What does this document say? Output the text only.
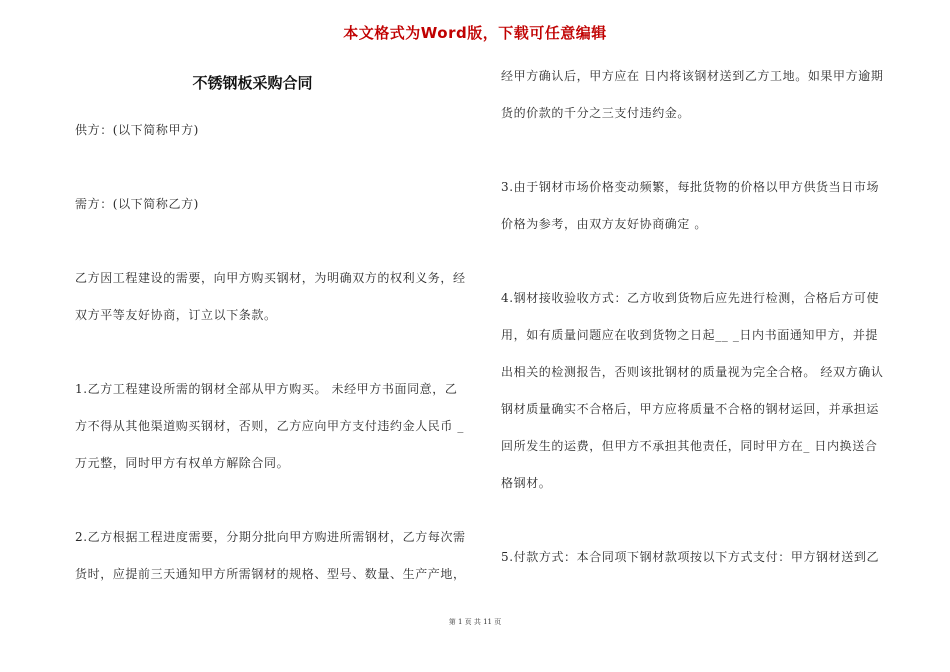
本文格式为Word版，下载可任意编辑
不锈钢板采购合同

供方：(以下简称甲方)

需方：(以下简称乙方)

乙方因工程建设的需要，向甲方购买钢材，为明确双方的权利义务，经

双方平等友好协商，订立以下条款。

1.乙方工程建设所需的钢材全部从甲方购买。 未经甲方书面同意，乙

方不得从其他渠道购买钢材，否则，乙方应向甲方支付违约金人民币 _

万元整，同时甲方有权单方解除合同。

2.乙方根据工程进度需要，分期分批向甲方购进所需钢材，乙方每次需

货时，应提前三天通知甲方所需钢材的规格、型号、数量、生产产地，

经甲方确认后，甲方应在 日内将该钢材送到乙方工地。如果甲方逾期

货的价款的千分之三支付违约金。

3.由于钢材市场价格变动频繁，每批货物的价格以甲方供货当日市场

价格为参考，由双方友好协商确定 。

4.钢材接收验收方式：乙方收到货物后应先进行检测，合格后方可使

用，如有质量问题应在收到货物之日起__ _日内书面通知甲方，并提

出相关的检测报告，否则该批钢材的质量视为完全合格。 经双方确认

钢材质量确实不合格后，甲方应将质量不合格的钢材运回，并承担运

回所发生的运费，但甲方不承担其他责任，同时甲方在_ 日内换送合

格钢材。

5.付款方式：本合同项下钢材款项按以下方式支付：甲方钢材送到乙

第 1 页 共 11 页
